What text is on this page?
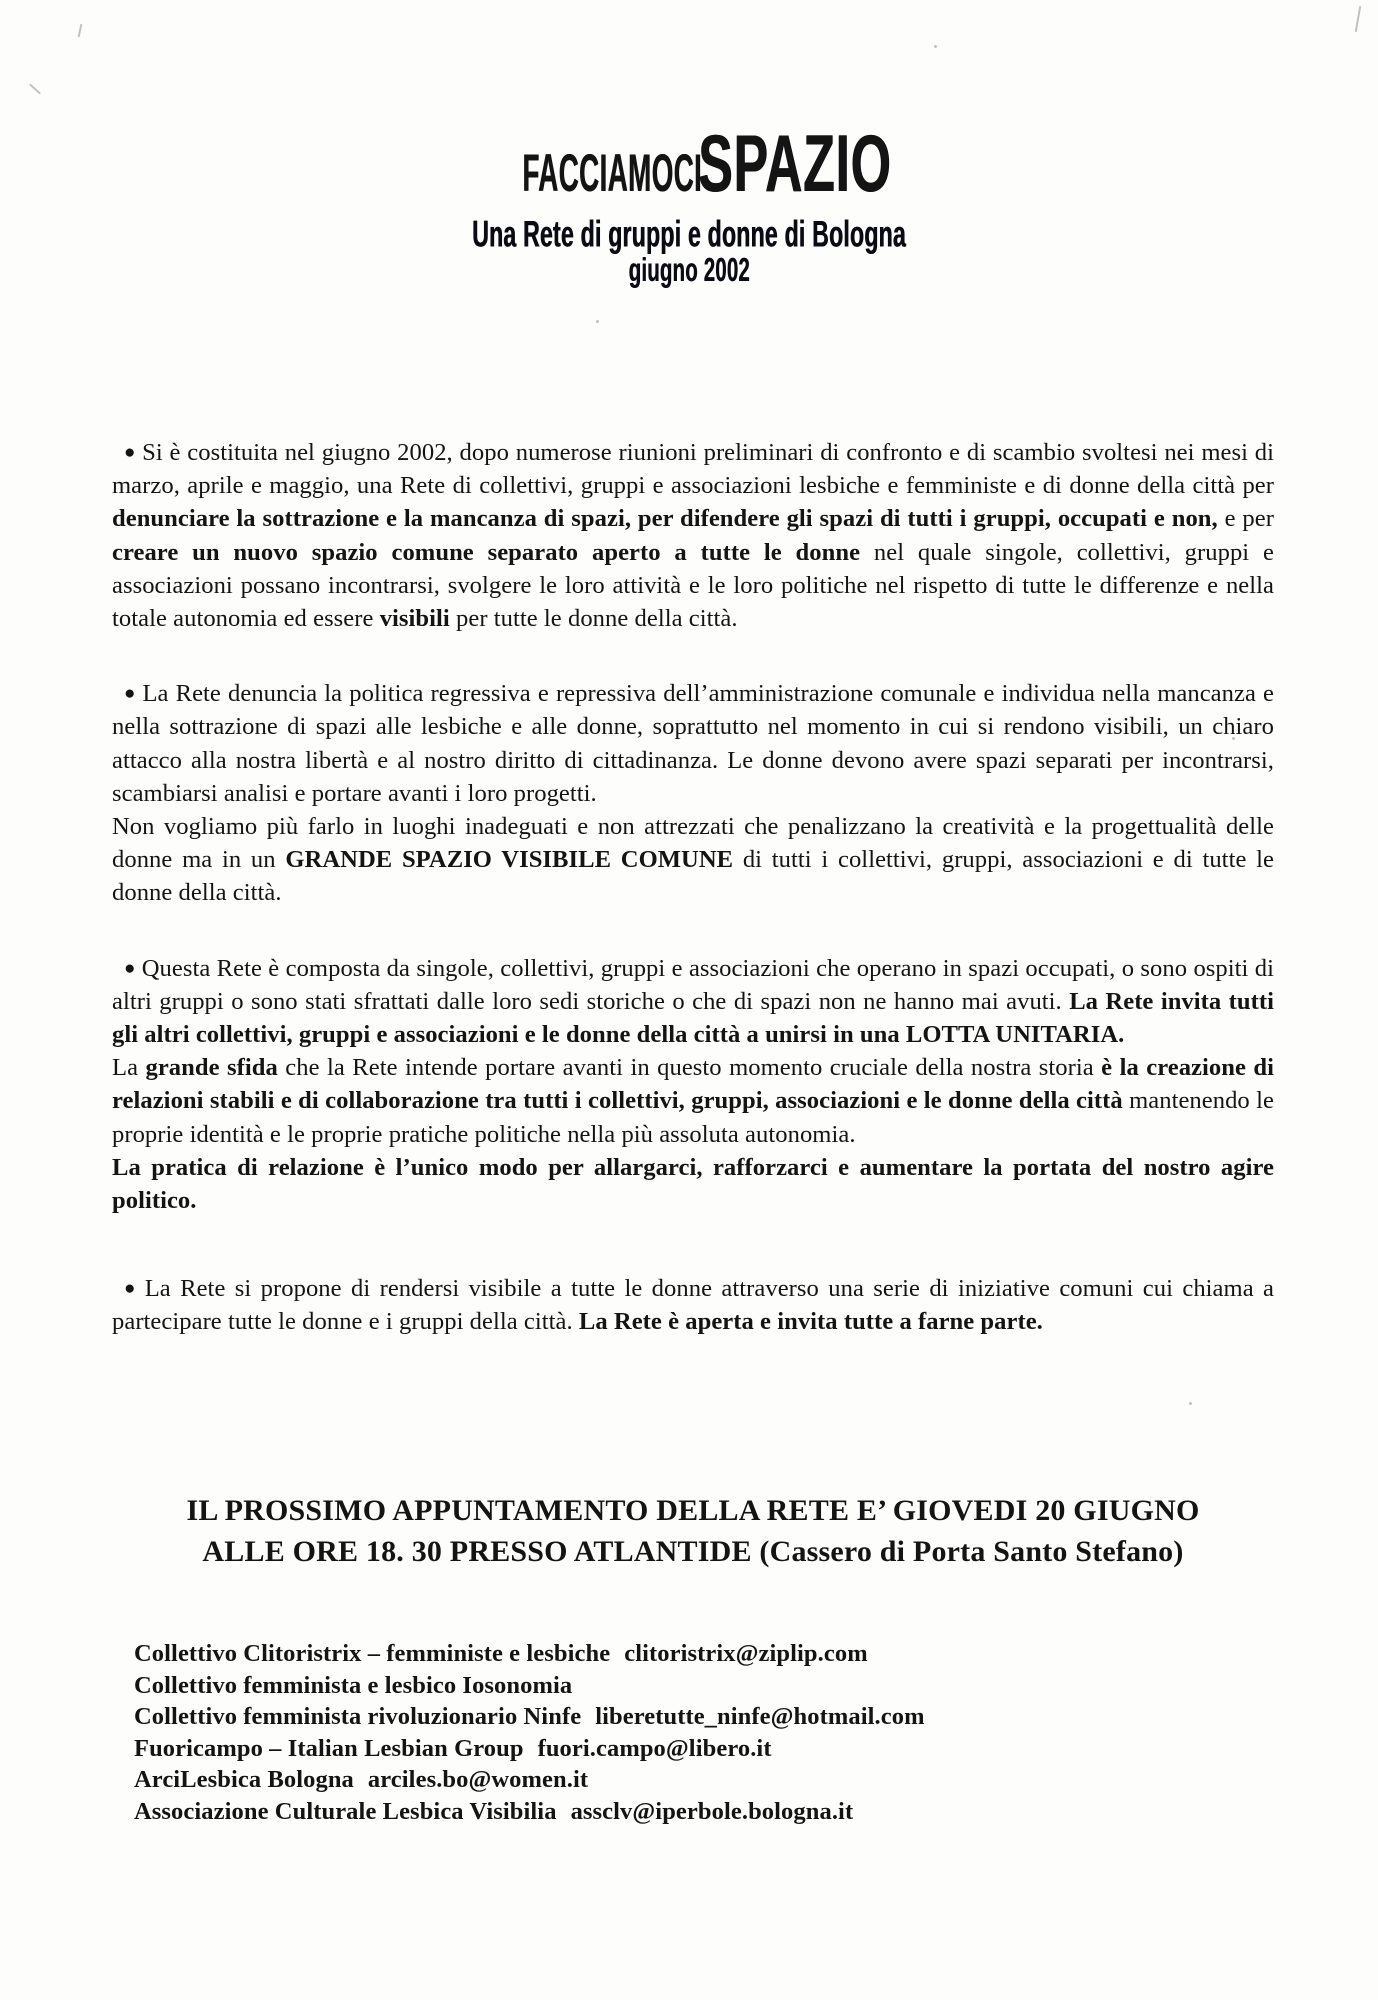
FACCIAMOCISPAZIO
Una Rete di gruppi e donne di Bologna
giugno 2002

● Si è costituita nel giugno 2002, dopo numerose riunioni preliminari di confronto e di scambio svoltesi nei mesi di marzo, aprile e maggio, una Rete di collettivi, gruppi e associazioni lesbiche e femministe e di donne della città per denunciare la sottrazione e la mancanza di spazi, per difendere gli spazi di tutti i gruppi, occupati e non, e per creare un nuovo spazio comune separato aperto a tutte le donne nel quale singole, collettivi, gruppi e associazioni possano incontrarsi, svolgere le loro attività e le loro politiche nel rispetto di tutte le differenze e nella totale autonomia ed essere visibili per tutte le donne della città.

● La Rete denuncia la politica regressiva e repressiva dell’amministrazione comunale e individua nella mancanza e nella sottrazione di spazi alle lesbiche e alle donne, soprattutto nel momento in cui si rendono visibili, un chiaro attacco alla nostra libertà e al nostro diritto di cittadinanza. Le donne devono avere spazi separati per incontrarsi, scambiarsi analisi e portare avanti i loro progetti.

Non vogliamo più farlo in luoghi inadeguati e non attrezzati che penalizzano la creatività e la progettualità delle donne ma in un GRANDE SPAZIO VISIBILE COMUNE di tutti i collettivi, gruppi, associazioni e di tutte le donne della città.

● Questa Rete è composta da singole, collettivi, gruppi e associazioni che operano in spazi occupati, o sono ospiti di altri gruppi o sono stati sfrattati dalle loro sedi storiche o che di spazi non ne hanno mai avuti. La Rete invita tutti gli altri collettivi, gruppi e associazioni e le donne della città a unirsi in una LOTTA UNITARIA.

La grande sfida che la Rete intende portare avanti in questo momento cruciale della nostra storia è la creazione di relazioni stabili e di collaborazione tra tutti i collettivi, gruppi, associazioni e le donne della città mantenendo le proprie identità e le proprie pratiche politiche nella più assoluta autonomia.

La pratica di relazione è l’unico modo per allargarci, rafforzarci e aumentare la portata del nostro agire politico.

● La Rete si propone di rendersi visibile a tutte le donne attraverso una serie di iniziative comuni cui chiama a partecipare tutte le donne e i gruppi della città. La Rete è aperta e invita tutte a farne parte.

IL PROSSIMO APPUNTAMENTO DELLA RETE E’ GIOVEDI 20 GIUGNO
ALLE ORE 18. 30 PRESSO ATLANTIDE (Cassero di Porta Santo Stefano)
Collettivo Clitoristrix – femministe e lesbiche clitoristrix@ziplip.com
Collettivo femminista e lesbico Iosonomia
Collettivo femminista rivoluzionario Ninfe liberetutte_ninfe@hotmail.com
Fuoricampo – Italian Lesbian Group fuori.campo@libero.it
ArciLesbica Bologna arciles.bo@women.it
Associazione Culturale Lesbica Visibilia assclv@iperbole.bologna.it
